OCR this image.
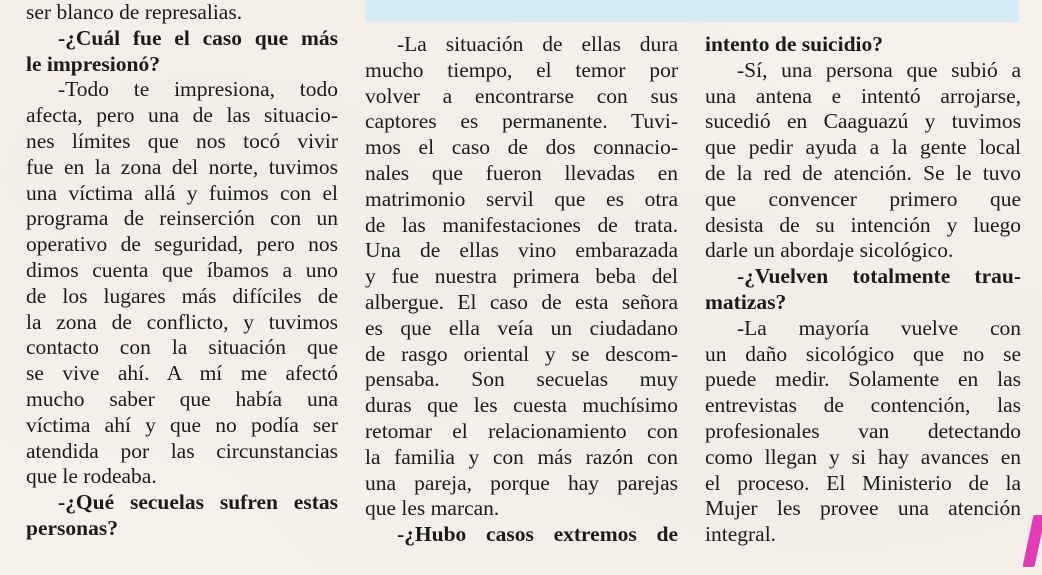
ser blanco de represalias.
-¿Cuál fue el caso que más
le impresionó?
-Todo te impresiona, todo
afecta, pero una de las situacio-
nes límites que nos tocó vivir
fue en la zona del norte, tuvimos
una víctima allá y fuimos con el
programa de reinserción con un
operativo de seguridad, pero nos
dimos cuenta que íbamos a uno
de los lugares más difíciles de
la zona de conflicto, y tuvimos
contacto con la situación que
se vive ahí. A mí me afectó
mucho saber que había una
víctima ahí y que no podía ser
atendida por las circunstancias
que le rodeaba.
-¿Qué secuelas sufren estas
personas?
-La situación de ellas dura
mucho tiempo, el temor por
volver a encontrarse con sus
captores es permanente. Tuvi-
mos el caso de dos connacio-
nales que fueron llevadas en
matrimonio servil que es otra
de las manifestaciones de trata.
Una de ellas vino embarazada
y fue nuestra primera beba del
albergue. El caso de esta señora
es que ella veía un ciudadano
de rasgo oriental y se descom-
pensaba. Son secuelas muy
duras que les cuesta muchísimo
retomar el relacionamiento con
la familia y con más razón con
una pareja, porque hay parejas
que les marcan.
-¿Hubo casos extremos de
intento de suicidio?
-Sí, una persona que subió a
una antena e intentó arrojarse,
sucedió en Caaguazú y tuvimos
que pedir ayuda a la gente local
de la red de atención. Se le tuvo
que convencer primero que
desista de su intención y luego
darle un abordaje sicológico.
-¿Vuelven totalmente trau-
matizas?
-La mayoría vuelve con
un daño sicológico que no se
puede medir. Solamente en las
entrevistas de contención, las
profesionales van detectando
como llegan y si hay avances en
el proceso. El Ministerio de la
Mujer les provee una atención
integral.
